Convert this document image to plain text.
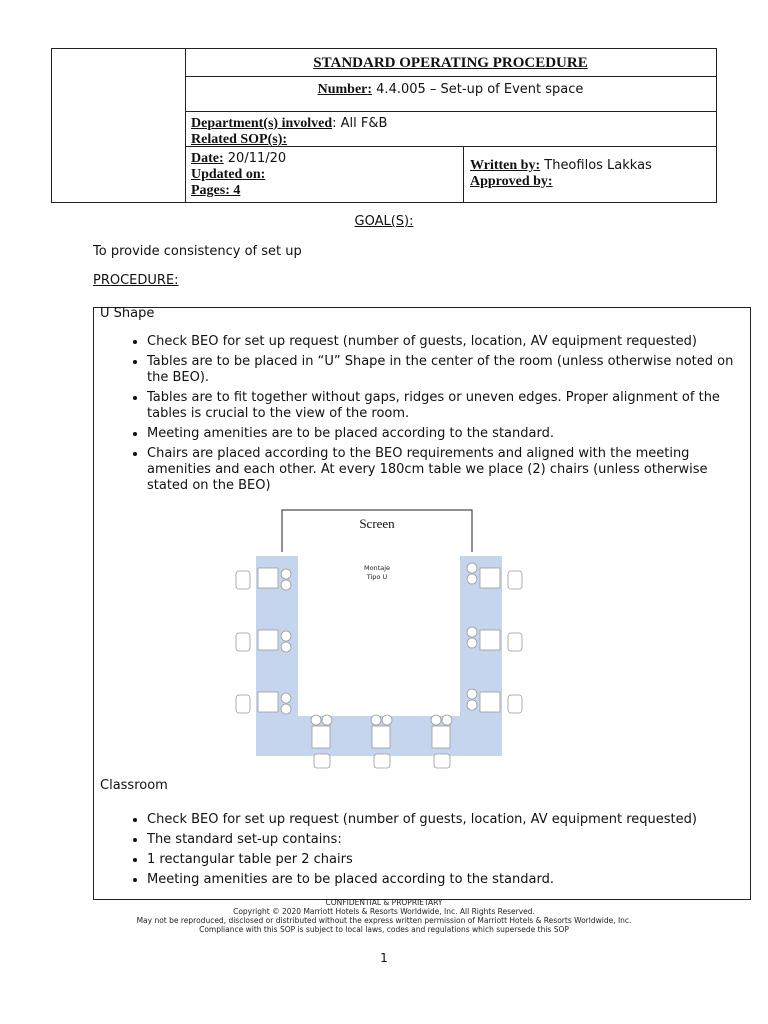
STANDARD OPERATING PROCEDURE
Number: 4.4.005 – Set-up of Event space
Department(s) involved: All F&B
Related SOP(s):
Date: 20/11/20
Updated on:
Pages: 4
Written by: Theofilos Lakkas
Approved by:
GOAL(S):
To provide consistency of set up
PROCEDURE:
U Shape
• Check BEO for set up request (number of guests, location, AV equipment requested)
• Tables are to be placed in “U” Shape in the center of the room (unless otherwise noted on the BEO).
• Tables are to fit together without gaps, ridges or uneven edges. Proper alignment of the tables is crucial to the view of the room.
• Meeting amenities are to be placed according to the standard.
• Chairs are placed according to the BEO requirements and aligned with the meeting amenities and each other. At every 180cm table we place (2) chairs (unless otherwise stated on the BEO)
Screen
Montaje
Tipo U
Classroom
• Check BEO for set up request (number of guests, location, AV equipment requested)
• The standard set-up contains:
• 1 rectangular table per 2 chairs
• Meeting amenities are to be placed according to the standard.
CONFIDENTIAL & PROPRIETARY
Copyright © 2020 Marriott Hotels & Resorts Worldwide, Inc. All Rights Reserved.
May not be reproduced, disclosed or distributed without the express written permission of Marriott Hotels & Resorts Worldwide, Inc.
Compliance with this SOP is subject to local laws, codes and regulations which supersede this SOP
1
